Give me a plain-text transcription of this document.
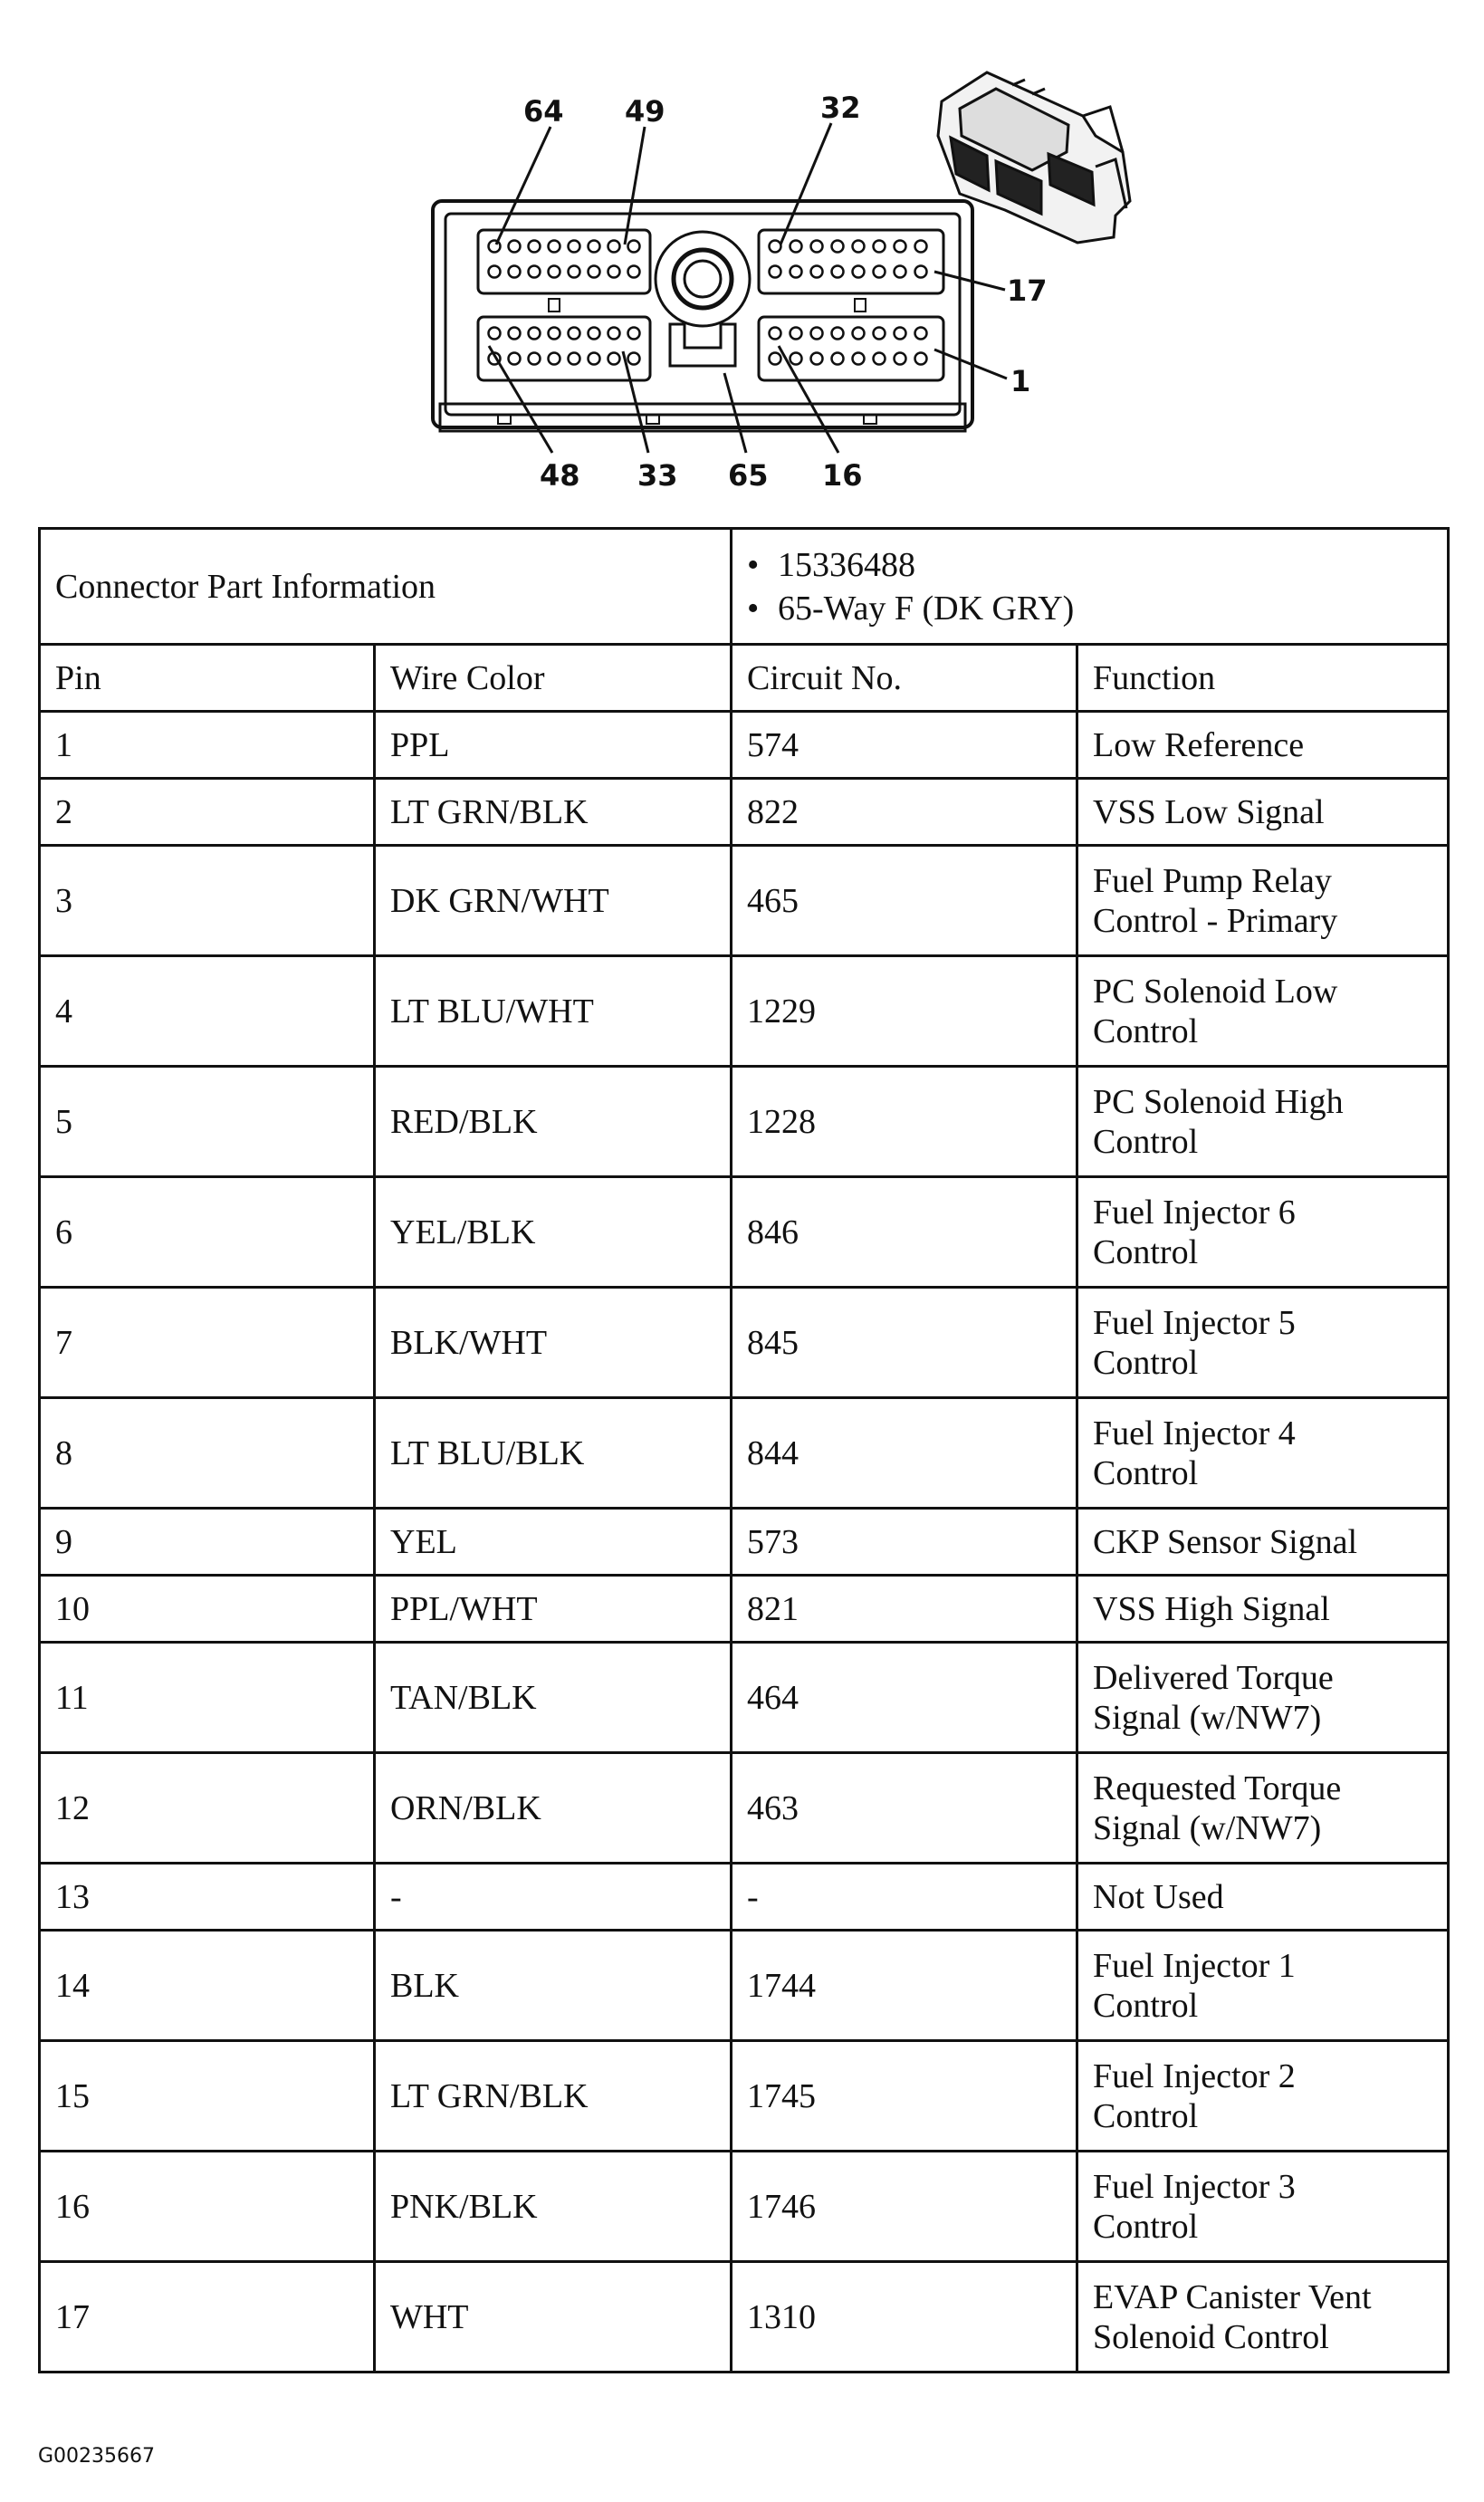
64 49	32
17
1
48 33 65 16
Connector Part Information		• 15336488
• 65-Way F (DK GRY)

Pin	Wire Color	Circuit No.	Function
1	PPL	574	Low Reference

2	LT GRN/BLK	822	VSS Low Signal

3	DK GRN/WHT	465	Fuel Pump Relay
Control - Primary

4	LT BLU/WHT	1229	PC Solenoid Low
Control

5	RED/BLK	1228	PC Solenoid High
Control

6	YEL/BLK	846	Fuel Injector 6
Control

7	BLK/WHT	845	Fuel Injector 5
Control

8	LT BLU/BLK	844	Fuel Injector 4
Control

9	YEL	573	CKP Sensor Signal

10	PPL/WHT	821	VSS High Signal

11	TAN/BLK	464	Delivered Torque
Signal (w/NW7)

12	ORN/BLK	463	Requested Torque
Signal (w/NW7)

13	-	-	Not Used

14	BLK	1744	Fuel Injector 1
Control

15	LT GRN/BLK	1745	Fuel Injector 2
Control

16	PNK/BLK	1746	Fuel Injector 3
Control

17	WHT	1310	EVAP Canister Vent
Solenoid Control
G00235667
